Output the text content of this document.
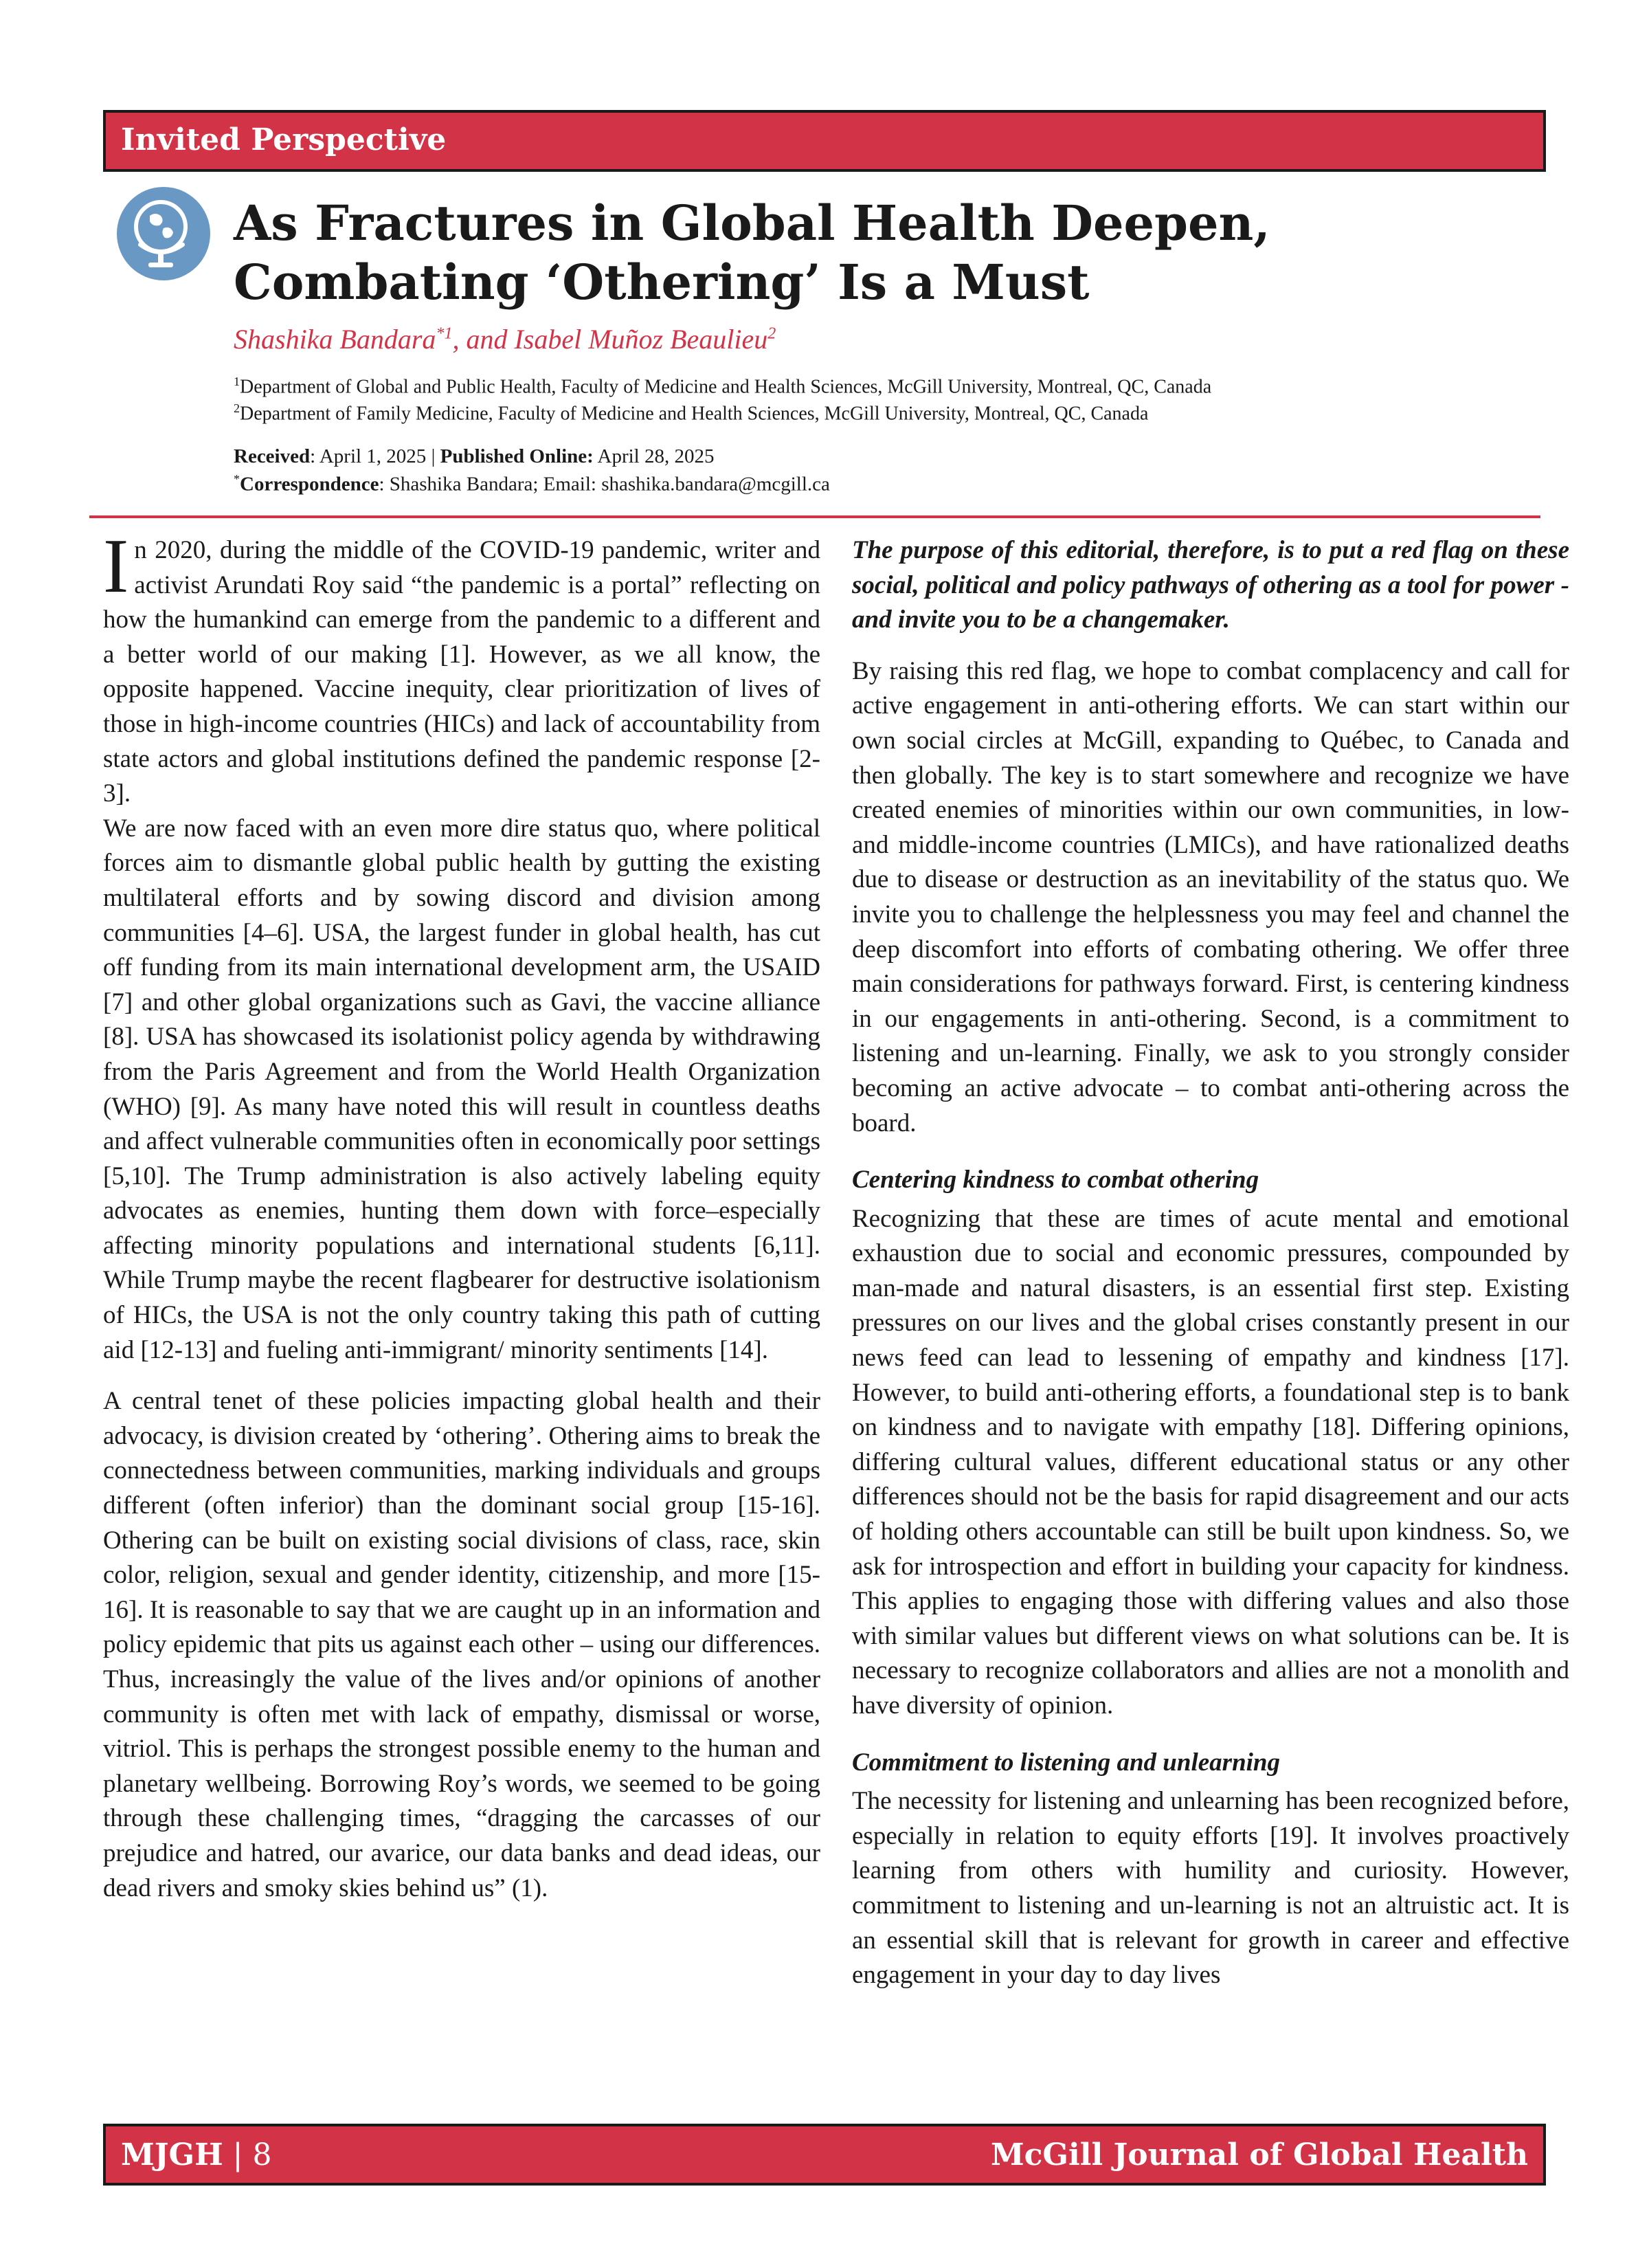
Invited Perspective
As Fractures in Global Health Deepen, Combating ‘Othering’ Is a Must
Shashika Bandara$^{*1}$, and Isabel Muñoz Beaulieu$^2$
$^1$Department of Global and Public Health, Faculty of Medicine and Health Sciences, McGill University, Montreal, QC, Canada
$^2$Department of Family Medicine, Faculty of Medicine and Health Sciences, McGill University, Montreal, QC, Canada
Received: April 1, 2025 | Published Online: April 28, 2025
*Correspondence: Shashika Bandara; Email: shashika.bandara@mcgill.ca

In 2020, during the middle of the COVID-19 pandemic, writer and activist Arundati Roy said “the pandemic is a portal” reflecting on how the humankind can emerge from the pandemic to a different and a better world of our making [1]. However, as we all know, the opposite happened. Vaccine inequity, clear prioritization of lives of those in high-income countries (HICs) and lack of accountability from state actors and global institutions defined the pandemic response [2-3].

We are now faced with an even more dire status quo, where political forces aim to dismantle global public health by gutting the existing multilateral efforts and by sowing discord and division among communities [4–6]. USA, the largest funder in global health, has cut off funding from its main international development arm, the USAID [7] and other global organizations such as Gavi, the vaccine alliance [8]. USA has showcased its isolationist policy agenda by withdrawing from the Paris Agreement and from the World Health Organization (WHO) [9]. As many have noted this will result in countless deaths and affect vulnerable communities often in economically poor settings [5,10]. The Trump administration is also actively labeling equity advocates as enemies, hunting them down with force–especially affecting minority populations and international students [6,11]. While Trump maybe the recent flagbearer for destructive isolationism of HICs, the USA is not the only country taking this path of cutting aid [12-13] and fueling anti-immigrant/ minority sentiments [14].

A central tenet of these policies impacting global health and their advocacy, is division created by ‘othering’. Othering aims to break the connectedness between communities, marking individuals and groups different (often inferior) than the dominant social group [15-16]. Othering can be built on existing social divisions of class, race, skin color, religion, sexual and gender identity, citizenship, and more [15-16]. It is reasonable to say that we are caught up in an information and policy epidemic that pits us against each other – using our differences. Thus, increasingly the value of the lives and/or opinions of another community is often met with lack of empathy, dismissal or worse, vitriol. This is perhaps the strongest possible enemy to the human and planetary wellbeing. Borrowing Roy’s words, we seemed to be going through these challenging times, “dragging the carcasses of our prejudice and hatred, our avarice, our data banks and dead ideas, our dead rivers and smoky skies behind us” (1).

The purpose of this editorial, therefore, is to put a red flag on these social, political and policy pathways of othering as a tool for power - and invite you to be a changemaker.

By raising this red flag, we hope to combat complacency and call for active engagement in anti-othering efforts. We can start within our own social circles at McGill, expanding to Québec, to Canada and then globally. The key is to start somewhere and recognize we have created enemies of minorities within our own communities, in low- and middle-income countries (LMICs), and have rationalized deaths due to disease or destruction as an inevitability of the status quo. We invite you to challenge the helplessness you may feel and channel the deep discomfort into efforts of combating othering. We offer three main considerations for pathways forward. First, is centering kindness in our engagements in anti-othering. Second, is a commitment to listening and un-learning. Finally, we ask to you strongly consider becoming an active advocate – to combat anti-othering across the board.

Centering kindness to combat othering

Recognizing that these are times of acute mental and emotional exhaustion due to social and economic pressures, compounded by man-made and natural disasters, is an essential first step. Existing pressures on our lives and the global crises constantly present in our news feed can lead to lessening of empathy and kindness [17]. However, to build anti-othering efforts, a foundational step is to bank on kindness and to navigate with empathy [18]. Differing opinions, differing cultural values, different educational status or any other differences should not be the basis for rapid disagreement and our acts of holding others accountable can still be built upon kindness. So, we ask for introspection and effort in building your capacity for kindness. This applies to engaging those with differing values and also those with similar values but different views on what solutions can be. It is necessary to recognize collaborators and allies are not a monolith and have diversity of opinion.

Commitment to listening and unlearning

The necessity for listening and unlearning has been recognized before, especially in relation to equity efforts [19]. It involves proactively learning from others with humility and curiosity. However, commitment to listening and un-learning is not an altruistic act. It is an essential skill that is relevant for growth in career and effective engagement in your day to day lives

MJGH | 8	McGill Journal of Global Health
